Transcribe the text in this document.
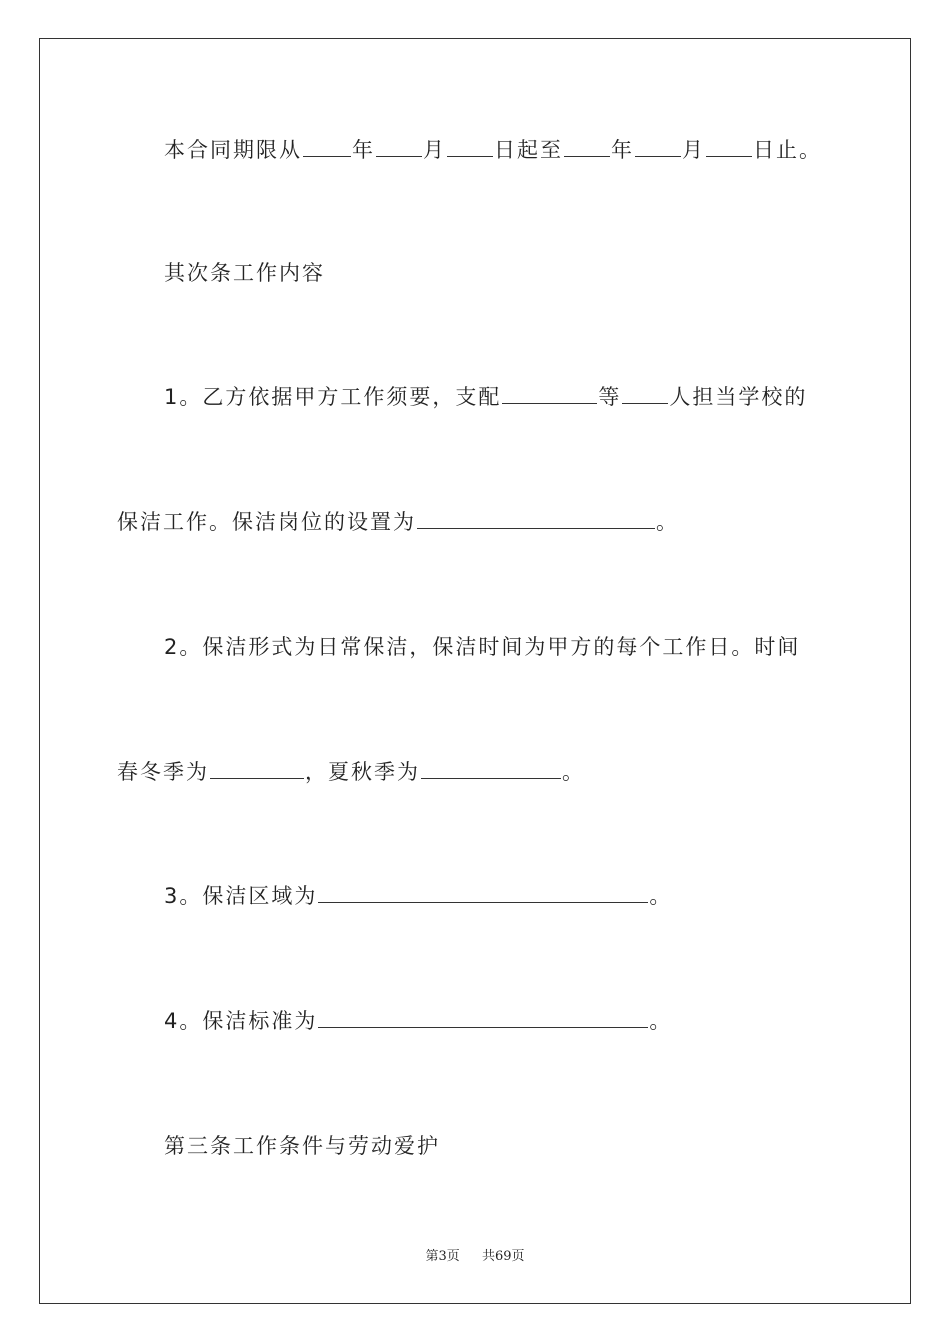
本合同期限从 年 月 日起至 年 月 日止。
其次条工作内容
1。乙方依据甲方工作须要，支配	等 人担当学校的
保洁工作。保洁岗位的设置为	。
2。保洁形式为日常保洁，保洁时间为甲方的每个工作日。时间
春冬季为	，夏秋季为	。
3。保洁区域为	。
4。保洁标准为	。
第三条工作条件与劳动爱护
第3页 共69页
